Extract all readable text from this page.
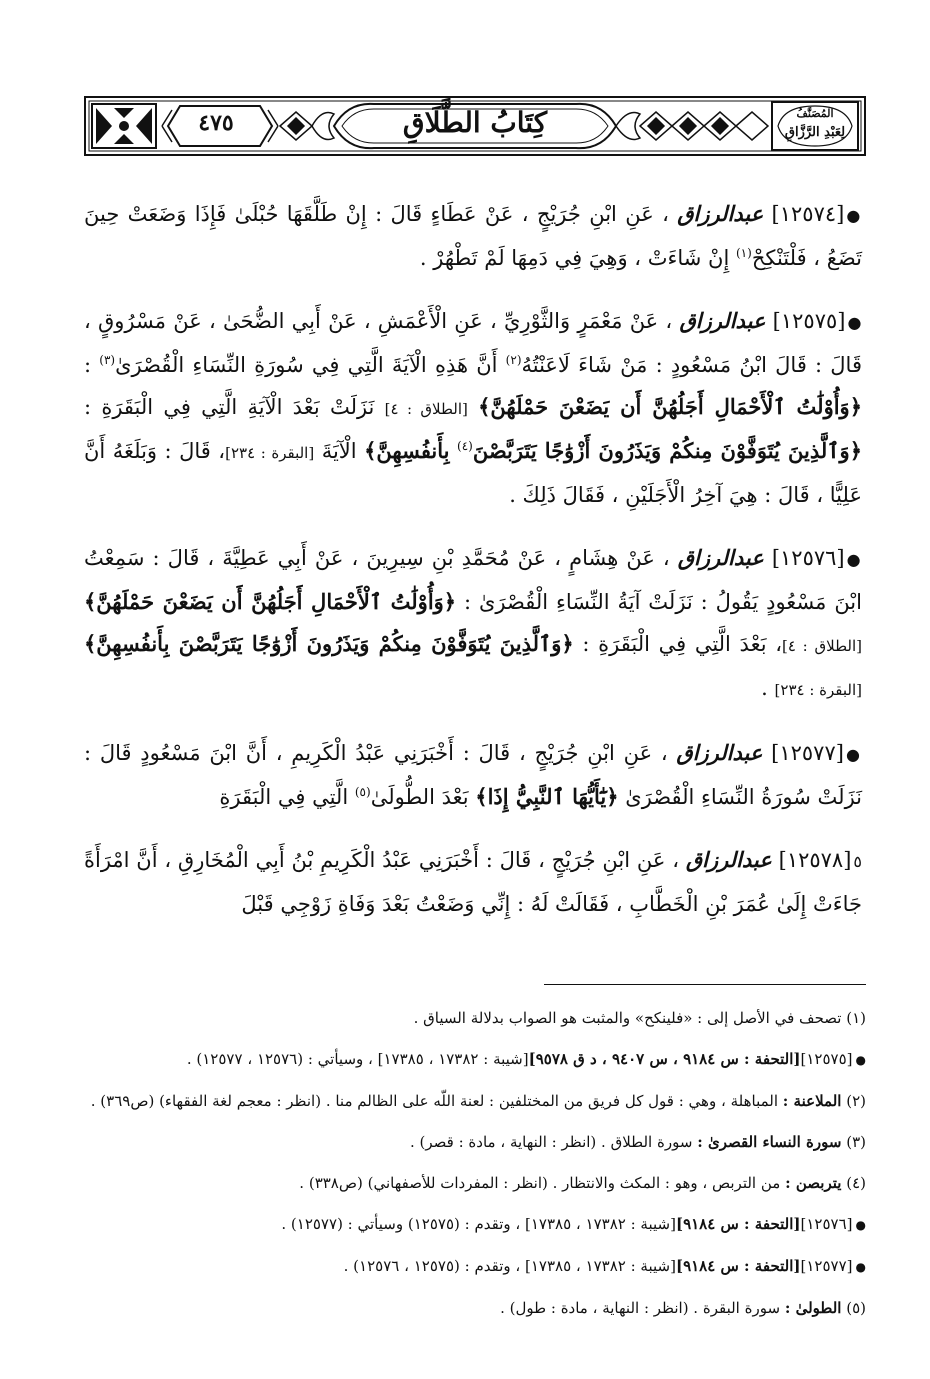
كِتَابُ الطَّلَاقِ
٤٧٥	المُصَنَّفُ
لِعَبْدِ الرَّزَّاقِ

●[١٢٥٧٤] عبدالرزاق ، عَنِ ابْنِ جُرَيْجٍ ، عَنْ عَطَاءٍ قَالَ : إِنْ طَلَّقَهَا حُبْلَىٰ فَإِذَا وَضَعَتْ حِينَ تَضَعُ ، فَلْتَنْكِحْ$^{(١)}$ إِنْ شَاءَتْ ، وَهِيَ فِي دَمِهَا لَمْ تَطْهُرْ .

●[١٢٥٧٥] عبدالرزاق ، عَنْ مَعْمَرٍ وَالثَّوْرِيِّ ، عَنِ الْأَعْمَشِ ، عَنْ أَبِي الضُّحَىٰ ، عَنْ مَسْرُوقٍ ، قَالَ : قَالَ ابْنُ مَسْعُودٍ : مَنْ شَاءَ لَاعَنْتُهُ$^{(٢)}$ أَنَّ هَذِهِ الْآيَةَ الَّتِي فِي سُورَةِ النِّسَاءِ الْقُصْرَىٰ$^{(٣)}$ : ﴿وَأُوْلَٰتُ ٱلْأَحْمَالِ أَجَلُهُنَّ أَن يَضَعْنَ حَمْلَهُنَّ﴾ [الطلاق : ٤] نَزَلَتْ بَعْدَ الْآيَةِ الَّتِي فِي الْبَقَرَةِ : ﴿وَٱلَّذِينَ يُتَوَفَّوْنَ مِنكُمْ وَيَذَرُونَ أَزْوَٰجًا يَتَرَبَّصْنَ$^{(٤)}$ بِأَنفُسِهِنَّ﴾ الْآيَةَ [البقرة : ٢٣٤]، قَالَ : وَبَلَغَهُ أَنَّ عَلِيًّا ، قَالَ : هِيَ آخِرُ الْأَجَلَيْنِ ، فَقَالَ ذَلِكَ .

●[١٢٥٧٦] عبدالرزاق ، عَنْ هِشَامٍ ، عَنْ مُحَمَّدِ بْنِ سِيرِينَ ، عَنْ أَبِي عَطِيَّةَ ، قَالَ : سَمِعْتُ ابْنَ مَسْعُودٍ يَقُولُ : نَزَلَتْ آيَةُ النِّسَاءِ الْقُصْرَىٰ : ﴿وَأُوْلَٰتُ ٱلْأَحْمَالِ أَجَلُهُنَّ أَن يَضَعْنَ حَمْلَهُنَّ﴾ [الطلاق : ٤]، بَعْدَ الَّتِي فِي الْبَقَرَةِ : ﴿وَٱلَّذِينَ يُتَوَفَّوْنَ مِنكُمْ وَيَذَرُونَ أَزْوَٰجًا يَتَرَبَّصْنَ بِأَنفُسِهِنَّ﴾ [البقرة : ٢٣٤] .

●[١٢٥٧٧] عبدالرزاق ، عَنِ ابْنِ جُرَيْجٍ ، قَالَ : أَخْبَرَنِي عَبْدُ الْكَرِيمِ ، أَنَّ ابْنَ مَسْعُودٍ قَالَ : نَزَلَتْ سُورَةُ النِّسَاءِ الْقُصْرَىٰ ﴿يَٰٓأَيُّهَا ٱلنَّبِيُّ إِذَا﴾ بَعْدَ الطُّولَىٰ$^{(٥)}$ الَّتِي فِي الْبَقَرَةِ

٥[١٢٥٧٨] عبدالرزاق ، عَنِ ابْنِ جُرَيْجٍ ، قَالَ : أَخْبَرَنِي عَبْدُ الْكَرِيمِ بْنُ أَبِي الْمُخَارِقِ ، أَنَّ امْرَأَةً جَاءَتْ إِلَىٰ عُمَرَ بْنِ الْخَطَّابِ ، فَقَالَتْ لَهُ : إِنِّي وَضَعْتُ بَعْدَ وَفَاةِ زَوْجِي قَبْلَ

(١) تصحف في الأصل إلى : «فلينكح» والمثبت هو الصواب بدلالة السياق .

●[١٢٥٧٥][التحفة : س ٩١٨٤ ، س ٩٤٠٧ ، د ق ٩٥٧٨][شيبة : ١٧٣٨٢ ، ١٧٣٨٥] ، وسيأتي : (١٢٥٧٦ ، ١٢٥٧٧) .

(٢) الملاعنة : المباهلة ، وهي : قول كل فريق من المختلفين : لعنة اللّه على الظالم منا . (انظر : معجم لغة الفقهاء) (ص٣٦٩) .

(٣) سورة النساء القصرىٰ : سورة الطلاق . (انظر : النهاية ، مادة : قصر) .

(٤) يتربصن : من التربص ، وهو : المكث والانتظار . (انظر : المفردات للأصفهاني) (ص٣٣٨) .

●[١٢٥٧٦][التحفة : س ٩١٨٤][شيبة : ١٧٣٨٢ ، ١٧٣٨٥] ، وتقدم : (١٢٥٧٥) وسيأتي : (١٢٥٧٧) .

●[١٢٥٧٧][التحفة : س ٩١٨٤][شيبة : ١٧٣٨٢ ، ١٧٣٨٥] ، وتقدم : (١٢٥٧٥ ، ١٢٥٧٦) .

(٥) الطولىٰ : سورة البقرة . (انظر : النهاية ، مادة : طول) .
